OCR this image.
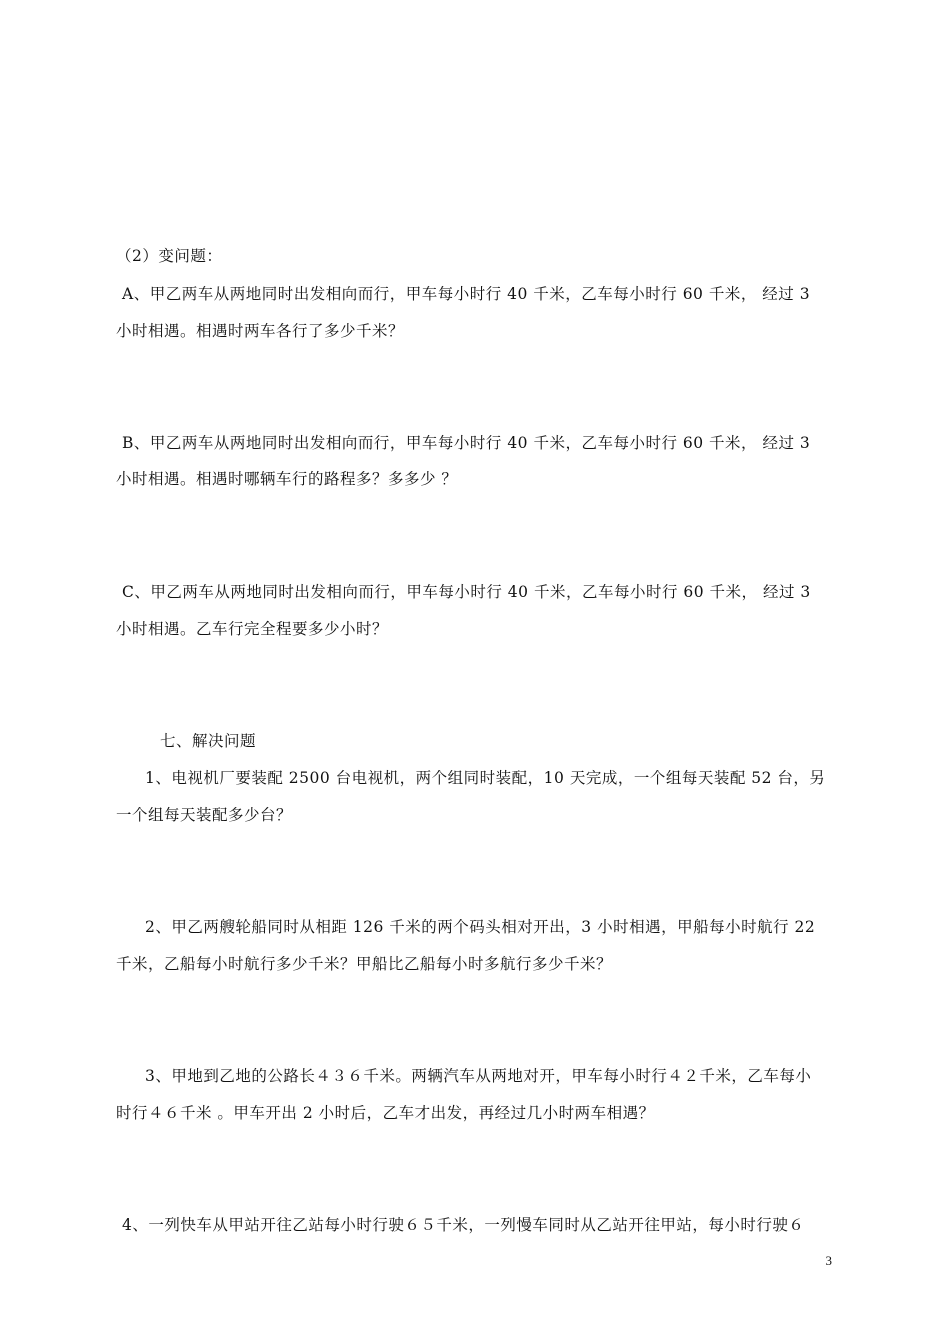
（2）变问题：
A、甲乙两车从两地同时出发相向而行，甲车每小时行 40 千米，乙车每小时行 60 千米， 经过 3
小时相遇。相遇时两车各行了多少千米？
B、甲乙两车从两地同时出发相向而行，甲车每小时行 40 千米，乙车每小时行 60 千米， 经过 3
小时相遇。相遇时哪辆车行的路程多？多多少 ？
C、甲乙两车从两地同时出发相向而行，甲车每小时行 40 千米，乙车每小时行 60 千米， 经过 3
小时相遇。乙车行完全程要多少小时？
七、解决问题
1、电视机厂要装配 2500 台电视机，两个组同时装配，10 天完成，一个组每天装配 52 台，另
一个组每天装配多少台？
2、甲乙两艘轮船同时从相距 126 千米的两个码头相对开出，3 小时相遇，甲船每小时航行 22
千米，乙船每小时航行多少千米？甲船比乙船每小时多航行多少千米？
3、甲地到乙地的公路长４３６千米。两辆汽车从两地对开，甲车每小时行４２千米，乙车每小
时行４６千米 。甲车开出 2 小时后，乙车才出发，再经过几小时两车相遇？
4、一列快车从甲站开往乙站每小时行驶６５千米，一列慢车同时从乙站开往甲站，每小时行驶６
3
